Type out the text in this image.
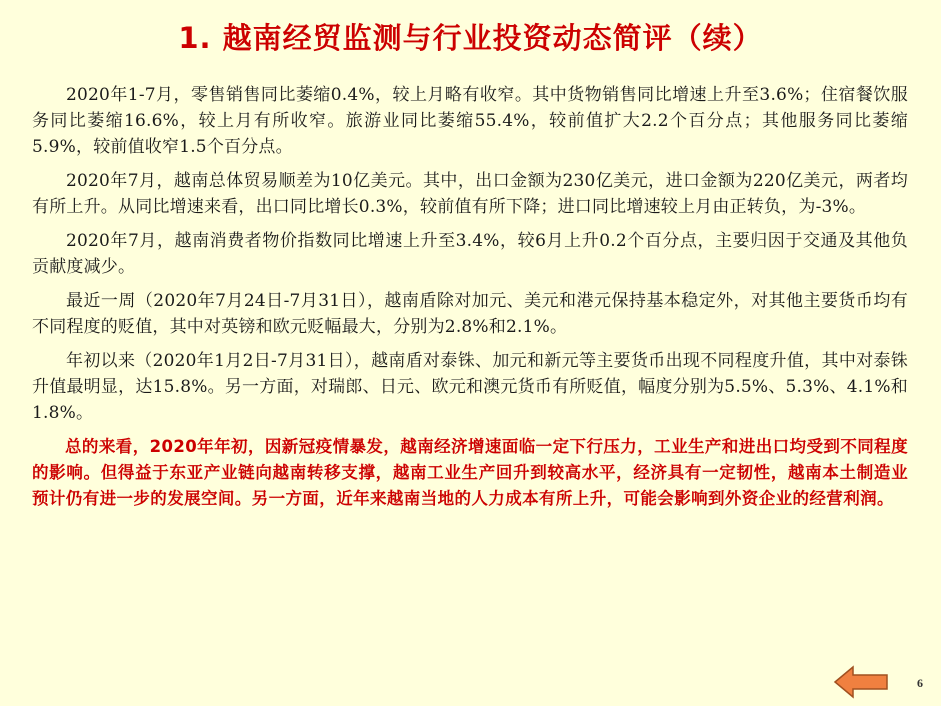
1. 越南经贸监测与行业投资动态简评（续）

2020年1-7月，零售销售同比萎缩0.4%，较上月略有收窄。其中货物销售同比增速上升至3.6%；住宿餐饮服务同比萎缩16.6%，较上月有所收窄。旅游业同比萎缩55.4%，较前值扩大2.2个百分点；其他服务同比萎缩5.9%，较前值收窄1.5个百分点。

2020年7月，越南总体贸易顺差为10亿美元。其中，出口金额为230亿美元，进口金额为220亿美元，两者均有所上升。从同比增速来看，出口同比增长0.3%，较前值有所下降；进口同比增速较上月由正转负，为-3%。

2020年7月，越南消费者物价指数同比增速上升至3.4%，较6月上升0.2个百分点，主要归因于交通及其他负贡献度减少。

最近一周（2020年7月24日-7月31日），越南盾除对加元、美元和港元保持基本稳定外，对其他主要货币均有不同程度的贬值，其中对英镑和欧元贬幅最大，分别为2.8%和2.1%。

年初以来（2020年1月2日-7月31日），越南盾对泰铢、加元和新元等主要货币出现不同程度升值，其中对泰铢升值最明显，达15.8%。另一方面，对瑞郎、日元、欧元和澳元货币有所贬值，幅度分别为5.5%、5.3%、4.1%和1.8%。

总的来看，2020年年初，因新冠疫情暴发，越南经济增速面临一定下行压力，工业生产和进出口均受到不同程度的影响。但得益于东亚产业链向越南转移支撑，越南工业生产回升到较高水平，经济具有一定韧性，越南本土制造业预计仍有进一步的发展空间。另一方面，近年来越南当地的人力成本有所上升，可能会影响到外资企业的经营利润。

6
